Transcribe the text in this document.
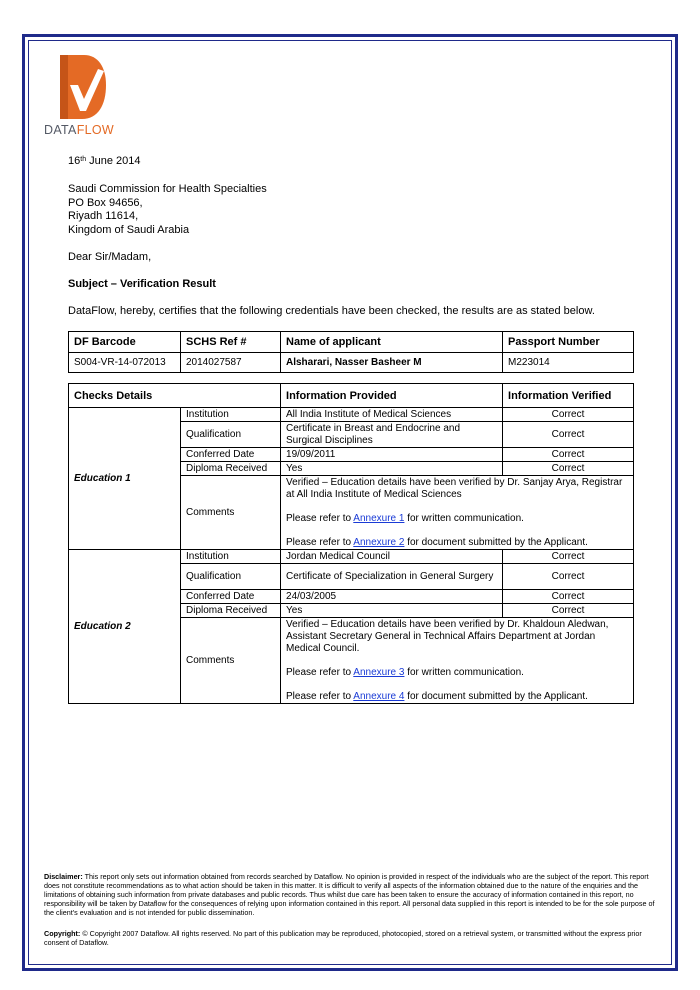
DATAFLOW
16th June 2014
Saudi Commission for Health Specialties
PO Box 94656,
Riyadh 11614,
Kingdom of Saudi Arabia
Dear Sir/Madam,
Subject – Verification Result
DataFlow, hereby, certifies that the following credentials have been checked, the results are as stated below.
DF Barcode	SCHS Ref #	Name of applicant	Passport Number
S004-VR-14-072013	2014027587	Alsharari, Nasser Basheer M	M223014
Checks Details		Information Provided	Information Verified
Education 1	Institution	All India Institute of Medical Sciences	Correct
	Qualification	Certificate in Breast and Endocrine and Surgical Disciplines	Correct
	Conferred Date	19/09/2011	Correct
	Diploma Received	Yes	Correct
	Comments	Verified – Education details have been verified by Dr. Sanjay Arya, Registrar at All India Institute of Medical Sciences
Please refer to Annexure 1 for written communication.
Please refer to Annexure 2 for document submitted by the Applicant.	

Education 2	Institution	Jordan Medical Council	Correct
	Qualification	Certificate of Specialization in General Surgery	Correct
	Conferred Date	24/03/2005	Correct
	Diploma Received	Yes	Correct
	Comments	Verified – Education details have been verified by Dr. Khaldoun Aledwan, Assistant Secretary General in Technical Affairs Department at Jordan Medical Council.
Please refer to Annexure 3 for written communication.
Please refer to Annexure 4 for document submitted by the Applicant.	
Disclaimer: This report only sets out information obtained from records searched by Dataflow. No opinion is provided in respect of the individuals who are the subject of the report. This report does not constitute recommendations as to what action should be taken in this matter. It is difficult to verify all aspects of the information obtained due to the nature of the enquiries and the limitations of obtaining such information from private databases and public records. Thus whilst due care has been taken to ensure the accuracy of information contained in this report, no responsibility will be taken by Dataflow for the consequences of relying upon information contained in this report. All personal data supplied in this report is intended to be for the sole purpose of the client's evaluation and is not intended for public dissemination.
Copyright: © Copyright 2007 Dataflow. All rights reserved. No part of this publication may be reproduced, photocopied, stored on a retrieval system, or transmitted without the express prior consent of Dataflow.
